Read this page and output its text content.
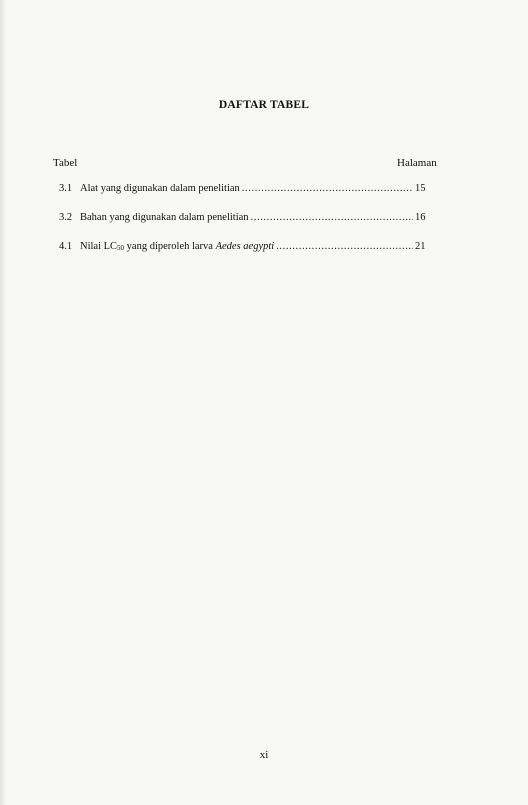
DAFTAR TABEL
Tabel	Halaman
3.1 Alat yang digunakan dalam penelitian .....	15
3.2 Bahan yang digunakan dalam penelitian .....	16
4.1 Nilai $LC_{50}$ yang diperoleh larva Aedes aegypti .....	21
xi
